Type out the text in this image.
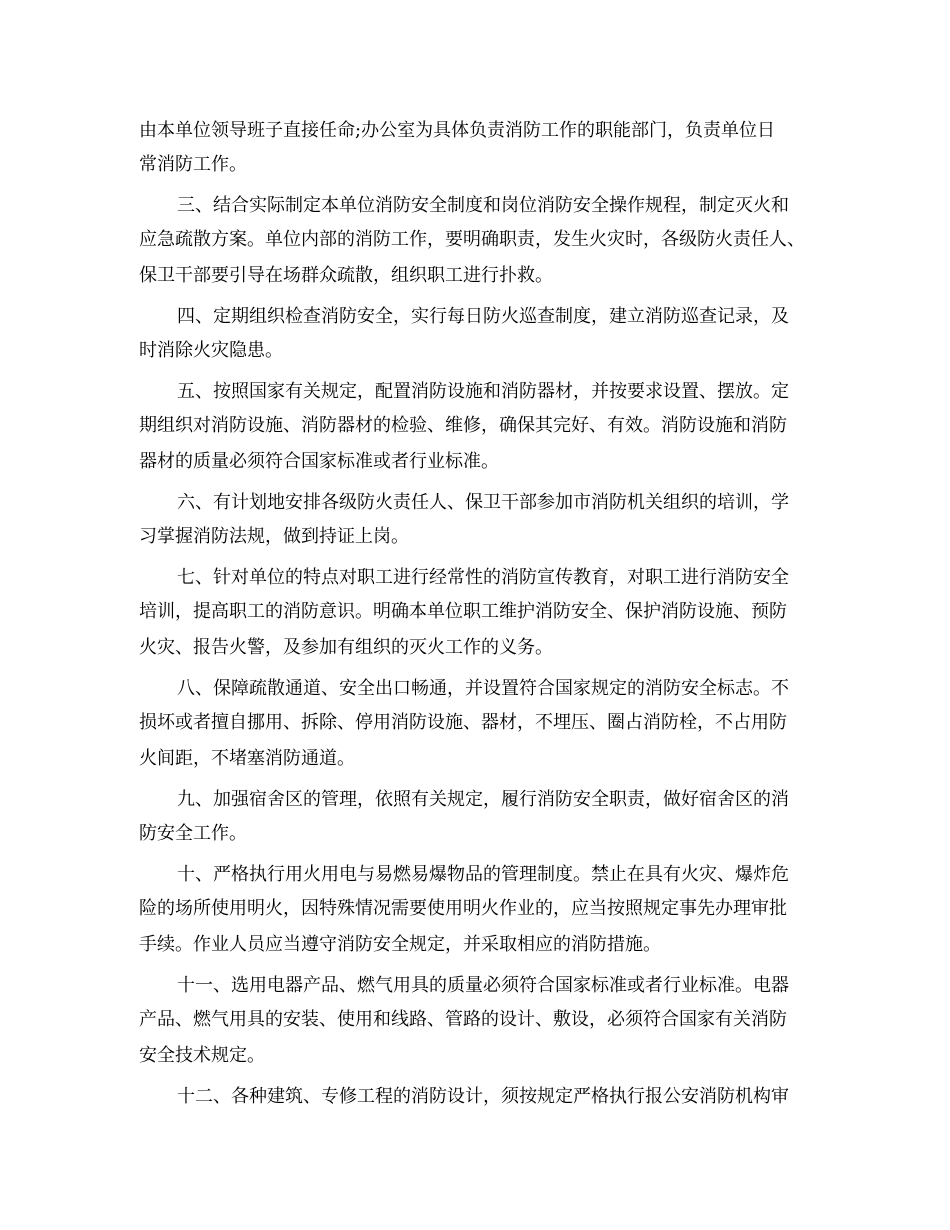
由本单位领导班子直接任命;办公室为具体负责消防工作的职能部门，负责单位日
常消防工作。
三、结合实际制定本单位消防安全制度和岗位消防安全操作规程，制定灭火和
应急疏散方案。单位内部的消防工作，要明确职责，发生火灾时，各级防火责任人、
保卫干部要引导在场群众疏散，组织职工进行扑救。
四、定期组织检查消防安全，实行每日防火巡查制度，建立消防巡查记录，及
时消除火灾隐患。
五、按照国家有关规定，配置消防设施和消防器材，并按要求设置、摆放。定
期组织对消防设施、消防器材的检验、维修，确保其完好、有效。消防设施和消防
器材的质量必须符合国家标准或者行业标准。
六、有计划地安排各级防火责任人、保卫干部参加市消防机关组织的培训，学
习掌握消防法规，做到持证上岗。
七、针对单位的特点对职工进行经常性的消防宣传教育，对职工进行消防安全
培训，提高职工的消防意识。明确本单位职工维护消防安全、保护消防设施、预防
火灾、报告火警，及参加有组织的灭火工作的义务。
八、保障疏散通道、安全出口畅通，并设置符合国家规定的消防安全标志。不
损坏或者擅自挪用、拆除、停用消防设施、器材，不埋压、圈占消防栓，不占用防
火间距，不堵塞消防通道。
九、加强宿舍区的管理，依照有关规定，履行消防安全职责，做好宿舍区的消
防安全工作。
十、严格执行用火用电与易燃易爆物品的管理制度。禁止在具有火灾、爆炸危
险的场所使用明火，因特殊情况需要使用明火作业的，应当按照规定事先办理审批
手续。作业人员应当遵守消防安全规定，并采取相应的消防措施。
十一、选用电器产品、燃气用具的质量必须符合国家标准或者行业标准。电器
产品、燃气用具的安装、使用和线路、管路的设计、敷设，必须符合国家有关消防
安全技术规定。
十二、各种建筑、专修工程的消防设计，须按规定严格执行报公安消防机构审
